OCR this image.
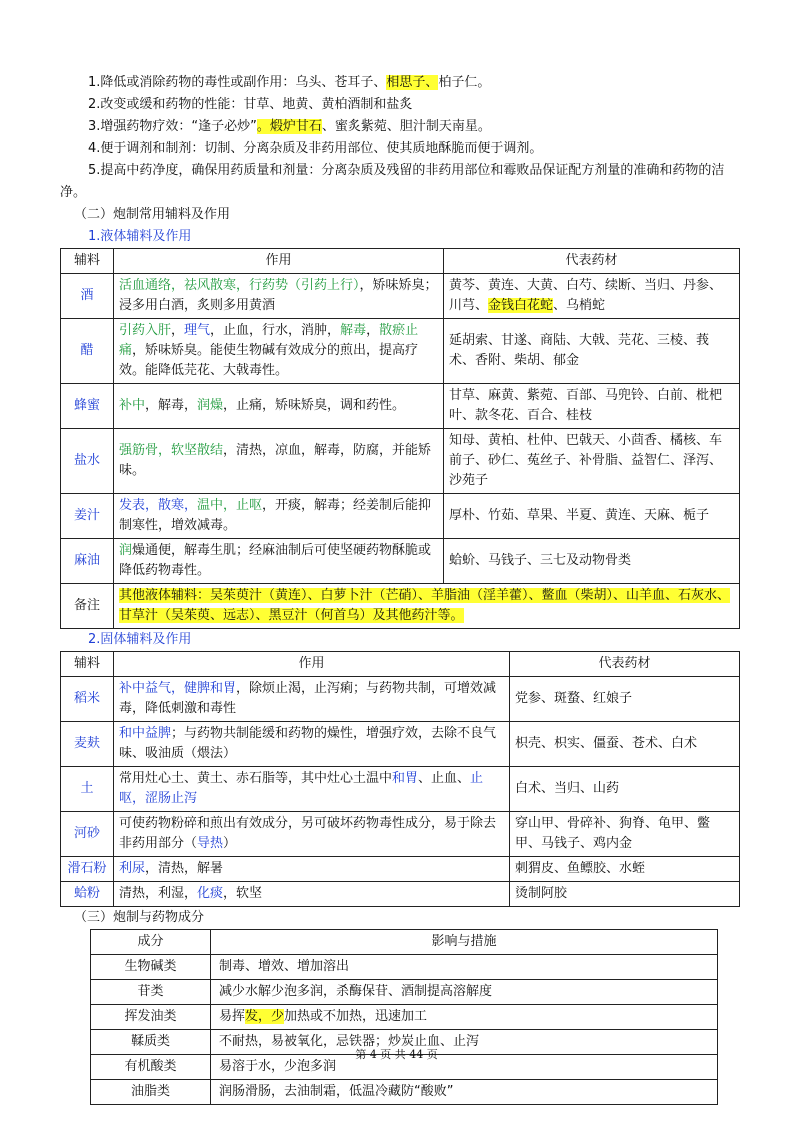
1.降低或消除药物的毒性或副作用：乌头、苍耳子、相思子、柏子仁。

2.改变或缓和药物的性能：甘草、地黄、黄柏酒制和盐炙

3.增强药物疗效：“逢子必炒”。煅炉甘石、蜜炙紫菀、胆汁制天南星。

4.便于调剂和制剂：切制、分离杂质及非药用部位、使其质地酥脆而便于调剂。

5.提高中药净度，确保用药质量和剂量：分离杂质及残留的非药用部位和霉败品保证配方剂量的准确和药物的洁净。

（二）炮制常用辅料及作用

1.液体辅料及作用

辅料	作用	代表药材
酒	活血通络，祛风散寒，行药势（引药上行），矫味矫臭；浸多用白酒，炙则多用黄酒	黄芩、黄连、大黄、白芍、续断、当归、丹参、川芎、金钱白花蛇、乌梢蛇
醋	引药入肝，理气，止血，行水，消肿，解毒，散瘀止痛，矫味矫臭。能使生物碱有效成分的煎出，提高疗效。能降低芫花、大戟毒性。	延胡索、甘遂、商陆、大戟、芫花、三棱、莪术、香附、柴胡、郁金
蜂蜜	补中，解毒，润燥，止痛，矫味矫臭，调和药性。	甘草、麻黄、紫菀、百部、马兜铃、白前、枇杷叶、款冬花、百合、桂枝
盐水	强筋骨，软坚散结，清热，凉血，解毒，防腐，并能矫味。	知母、黄柏、杜仲、巴戟天、小茴香、橘核、车前子、砂仁、菟丝子、补骨脂、益智仁、泽泻、沙苑子
姜汁	发表，散寒，温中，止呕，开痰，解毒；经姜制后能抑制寒性，增效减毒。	厚朴、竹茹、草果、半夏、黄连、天麻、栀子
麻油	润燥通便，解毒生肌；经麻油制后可使坚硬药物酥脆或降低药物毒性。	蛤蚧、马钱子、三七及动物骨类
备注	其他液体辅料：吴茱萸汁（黄连）、白萝卜汁（芒硝）、羊脂油（淫羊藿）、鳖血（柴胡）、山羊血、石灰水、甘草汁（吴茱萸、远志）、黑豆汁（何首乌）及其他药汁等。	

2.固体辅料及作用

辅料	作用	代表药材
稻米	补中益气，健脾和胃，除烦止渴，止泻痢；与药物共制，可增效减毒，降低刺激和毒性	党参、斑蝥、红娘子
麦麸	和中益脾；与药物共制能缓和药物的燥性，增强疗效，去除不良气味、吸油质（煨法）	枳壳、枳实、僵蚕、苍术、白术
土	常用灶心土、黄土、赤石脂等，其中灶心土温中和胃、止血、止呕，涩肠止泻	白术、当归、山药
河砂	可使药物粉碎和煎出有效成分，另可破坏药物毒性成分，易于除去非药用部分（导热）	穿山甲、骨碎补、狗脊、龟甲、鳖甲、马钱子、鸡内金
滑石粉	利尿，清热，解暑	刺猬皮、鱼鳔胶、水蛭
蛤粉	清热，利湿，化痰，软坚	烫制阿胶

（三）炮制与药物成分

成分	影响与措施
生物碱类	制毒、增效、增加溶出
苷类	减少水解少泡多润，杀酶保苷、酒制提高溶解度
挥发油类	易挥发，少加热或不加热，迅速加工
鞣质类	不耐热，易被氧化，忌铁器；炒炭止血、止泻
有机酸类	易溶于水，少泡多润
油脂类	润肠滑肠，去油制霜，低温冷藏防“酸败”
第 4 页 共 44 页
